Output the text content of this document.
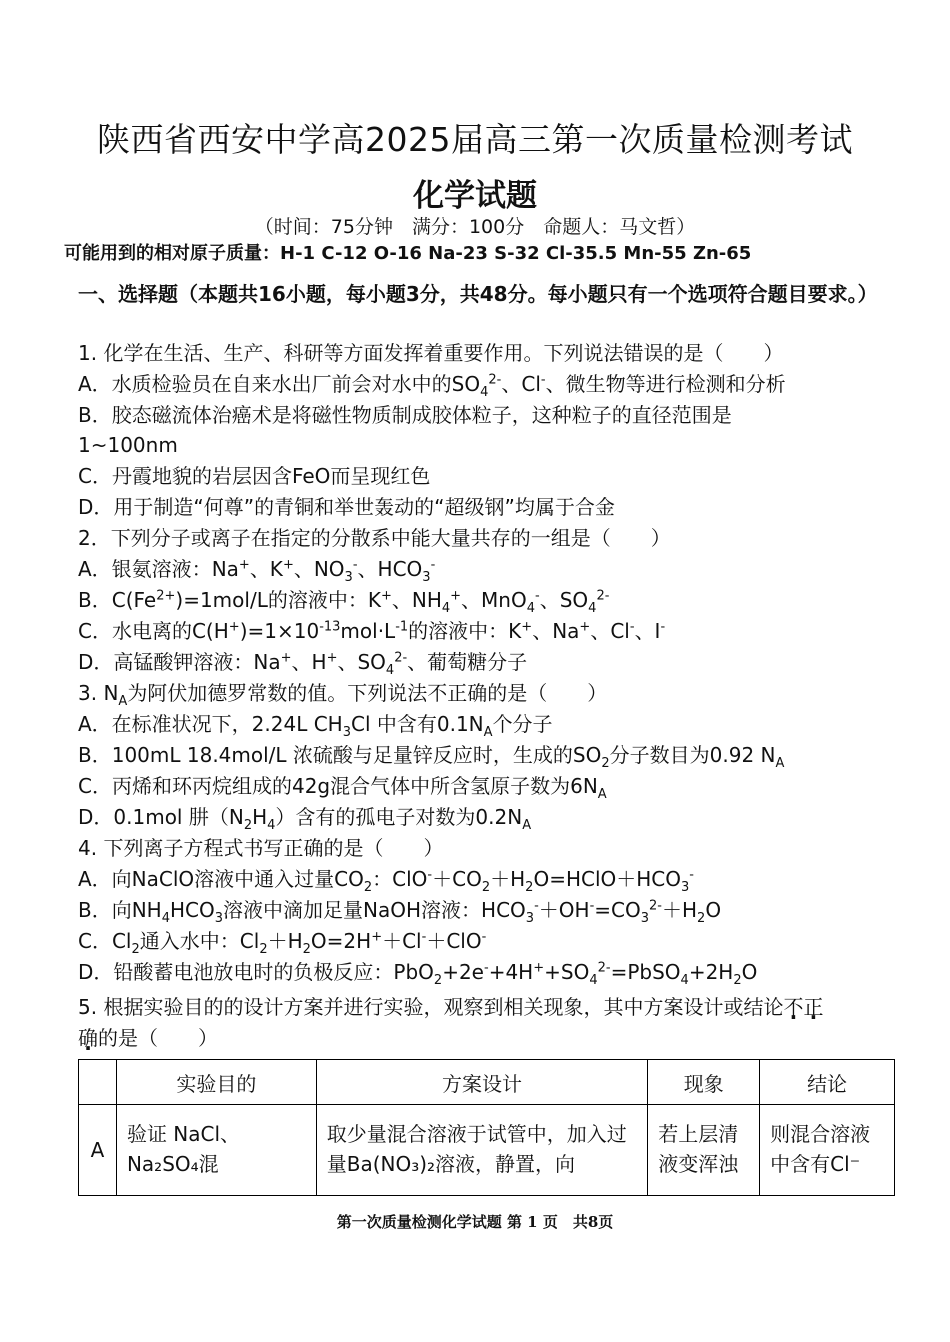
陕西省西安中学高2025届高三第一次质量检测考试
化学试题
（时间：75分钟　满分：100分　命题人：马文哲）
可能用到的相对原子质量：H-1 C-12 O-16 Na-23 S-32 Cl-35.5 Mn-55 Zn-65
一、选择题（本题共16小题，每小题3分，共48分。每小题只有一个选项符合题目要求。）
1. 化学在生活、生产、科研等方面发挥着重要作用。下列说法错误的是（　　）
A．水质检验员在自来水出厂前会对水中的$SO_4^{2-}$、Cl-、微生物等进行检测和分析
B．胶态磁流体治癌术是将磁性物质制成胶体粒子，这种粒子的直径范围是
1~100nm
C．丹霞地貌的岩层因含FeO而呈现红色
D．用于制造“何尊”的青铜和举世轰动的“超级钢”均属于合金
2．下列分子或离子在指定的分散系中能大量共存的一组是（　　）
A．银氨溶液：Na+、K+、$NO_3^-$、$HCO_3^-$
B．$C(Fe^{2+})=1mol/L$的溶液中：K+、$NH_4^+$、MnO$_4$-、$SO_4^{2-}$
C．水电离的$C(H^+)=1\times 10^{-13}mol\cdot L^{-1}$的溶液中：K+、Na+、Cl-、I-
D．高锰酸钾溶液：Na+、H+、$SO_4^{2-}$、葡萄糖分子
3. $N_A$为阿伏加德罗常数的值。下列说法不正确的是（　　）
A．在标准状况下，2.24L $CH_3Cl$ 中含有$0.1N_A$个分子
B．100mL 18.4mol/L 浓硫酸与足量锌反应时，生成的$SO_2$分子数目为0.92 $N_A$
C．丙烯和环丙烷组成的42g混合气体中所含氢原子数为$6N_A$
D．0.1mol 肼$(N_2H_4)$含有的孤电子对数为$0.2N_A$
4. 下列离子方程式书写正确的是（　　）
A．向NaClO溶液中通入过量$CO_2$：$ClO^-+CO_2+H_2O=HClO+HCO_3^-$
B．向$NH_4HCO_3$溶液中滴加足量NaOH溶液：$HCO_3^-+OH^-=CO_3^{2-}+H_2O$
C．$Cl_2$通入水中：$Cl_2+H_2O=2H^++Cl^-+ClO^-$
D．铅酸蓄电池放电时的负极反应：$PbO_2+2e^-+4H^++SO_4^{2-}=PbSO_4+2H_2O$
5. 根据实验目的的设计方案并进行实验，观察到相关现象，其中方案设计或结论不正
确的是（　　）
	实验目的	方案设计	现象	结论
A	验证 NaCl、Na₂SO₄混	取少量混合溶液于试管中，加入过量Ba(NO₃)₂溶液，静置，向	若上层清液变浑浊	则混合溶液中含有Cl⁻
第一次质量检测化学试题 第 1 页　共8页
